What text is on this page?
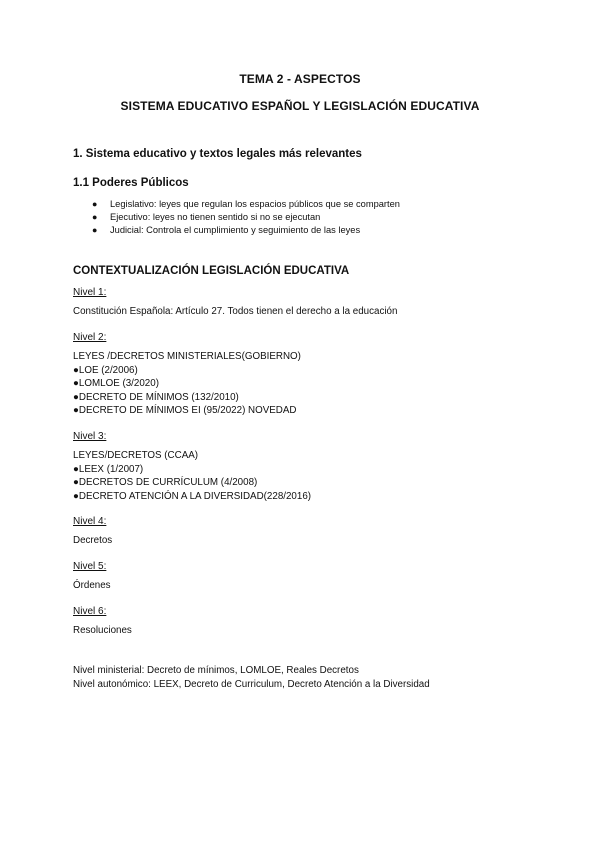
TEMA 2 - ASPECTOS
SISTEMA EDUCATIVO ESPAÑOL Y LEGISLACIÓN EDUCATIVA
1. Sistema educativo y textos legales más relevantes
1.1 Poderes Públicos
● Legislativo: leyes que regulan los espacios públicos que se comparten
● Ejecutivo: leyes no tienen sentido si no se ejecutan
● Judicial: Controla el cumplimiento y seguimiento de las leyes
CONTEXTUALIZACIÓN LEGISLACIÓN EDUCATIVA
Nivel 1:
Constitución Española: Artículo 27. Todos tienen el derecho a la educación
Nivel 2:
LEYES /DECRETOS MINISTERIALES(GOBIERNO)
●LOE (2/2006)
●LOMLOE (3/2020)
●DECRETO DE MÍNIMOS (132/2010)
●DECRETO DE MÍNIMOS EI (95/2022) NOVEDAD
Nivel 3:
LEYES/DECRETOS (CCAA)
●LEEX (1/2007)
●DECRETOS DE CURRÍCULUM (4/2008)
●DECRETO ATENCIÓN A LA DIVERSIDAD(228/2016)
Nivel 4:
Decretos
Nivel 5:
Órdenes
Nivel 6:
Resoluciones
Nivel ministerial: Decreto de mínimos, LOMLOE, Reales Decretos
Nivel autonómico: LEEX, Decreto de Curriculum, Decreto Atención a la Diversidad
